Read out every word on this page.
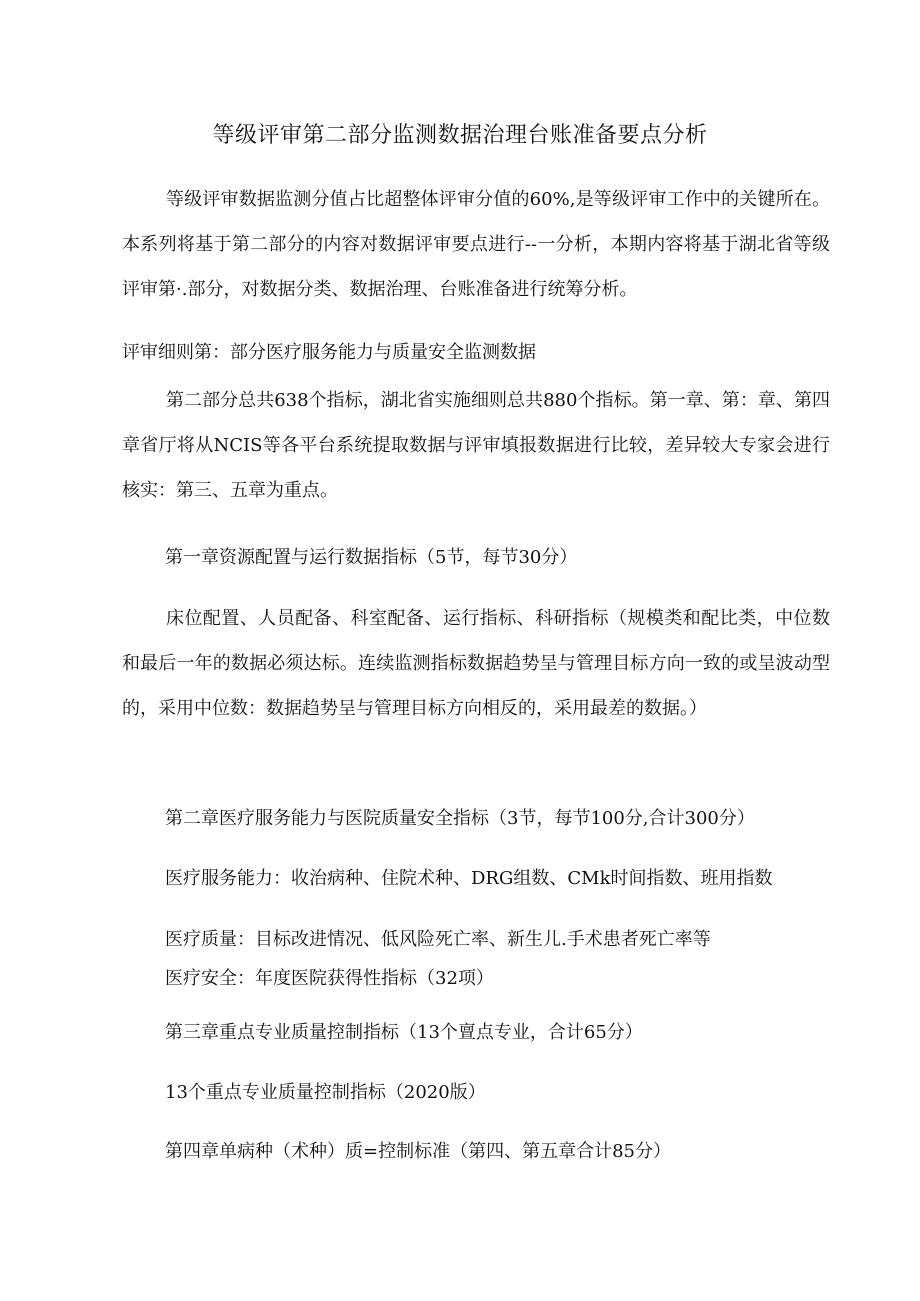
等级评审第二部分监测数据治理台账准备要点分析
等级评审数据监测分值占比超整体评审分值的60%,是等级评审工作中的关键所在。本系列将基于第二部分的内容对数据评审要点进行--一分析，本期内容将基于湖北省等级评审第·.部分，对数据分类、数据治理、台账准备进行统筹分析。
评审细则第：部分医疗服务能力与质量安全监测数据
第二部分总共638个指标，湖北省实施细则总共880个指标。第一章、第：章、第四章省厅将从NCIS等各平台系统提取数据与评审填报数据进行比较，差异较大专家会进行核实：第三、五章为重点。
第一章资源配置与运行数据指标（5节，每节30分）
床位配置、人员配备、科室配备、运行指标、科研指标（规模类和配比类，中位数和最后一年的数据必须达标。连续监测指标数据趋势呈与管理目标方向一致的或呈波动型的，采用中位数：数据趋势呈与管理目标方向相反的，采用最差的数据。）
第二章医疗服务能力与医院质量安全指标（3节，每节100分,合计300分）
医疗服务能力：收治病种、住院术种、DRG组数、CMk时间指数、班用指数
医疗质量：目标改进情况、低风险死亡率、新生儿.手术患者死亡率等
医疗安全：年度医院获得性指标（32项）
第三章重点专业质量控制指标（13个亶点专业，合计65分）
13个重点专业质量控制指标（2020版）
第四章单病种（术种）质=控制标准（第四、第五章合计85分）
